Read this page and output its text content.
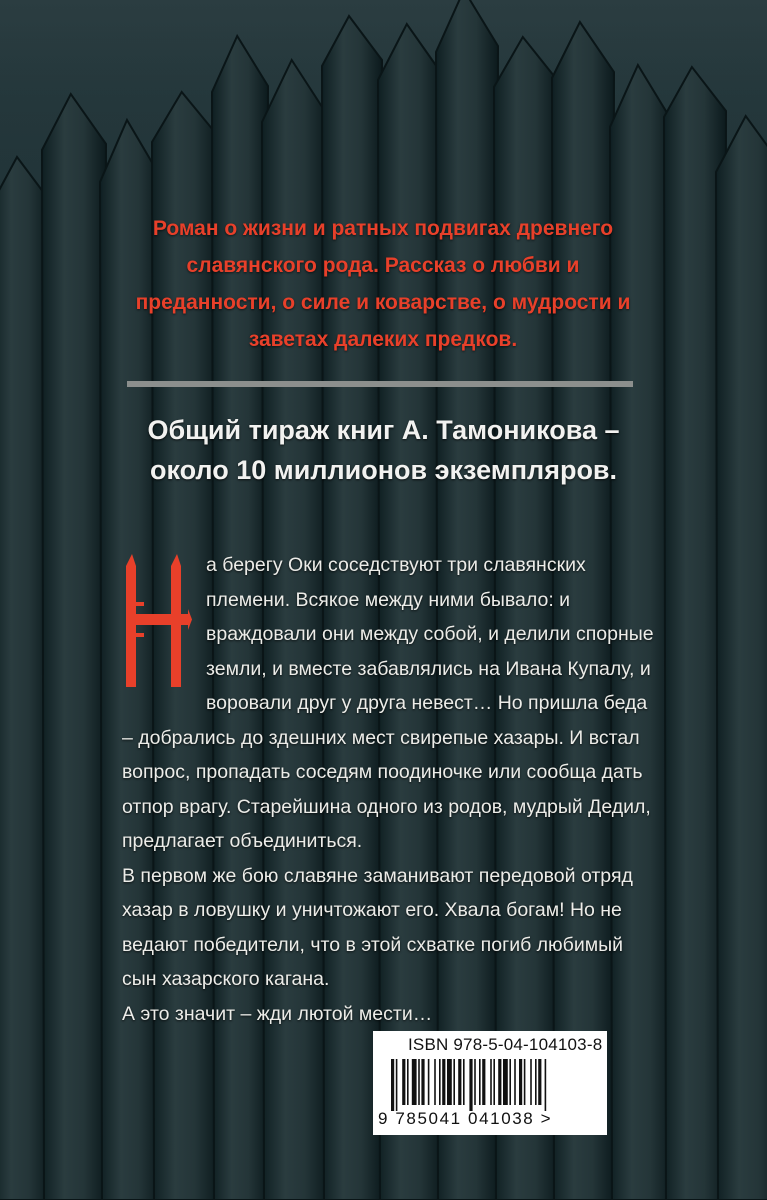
Роман о жизни и ратных подвигах древнего славянского рода. Рассказ о любви и преданности, о силе и коварстве, о мудрости и заветах далеких предков.

Общий тираж книг А. Тамоникова –
около 10 миллионов экземпляров.

а берегу Оки соседствуют три славянских племени. Всякое между ними бывало: и враждовали они между собой, и делили спорные земли, и вместе забавлялись на Ивана Купалу, и воровали друг у друга невест… Но пришла беда – добрались до здешних мест свирепые хазары. И встал вопрос, пропадать соседям поодиночке или сообща дать отпор врагу. Старейшина одного из родов, мудрый Дедил, предлагает объединиться.

В первом же бою славяне заманивают передовой отряд хазар в ловушку и уничтожают его. Хвала богам! Но не ведают победители, что в этой схватке погиб любимый сын хазарского кагана.

А это значит – жди лютой мести…

ISBN 978-5-04-104103-8
9 785041 041038 >
